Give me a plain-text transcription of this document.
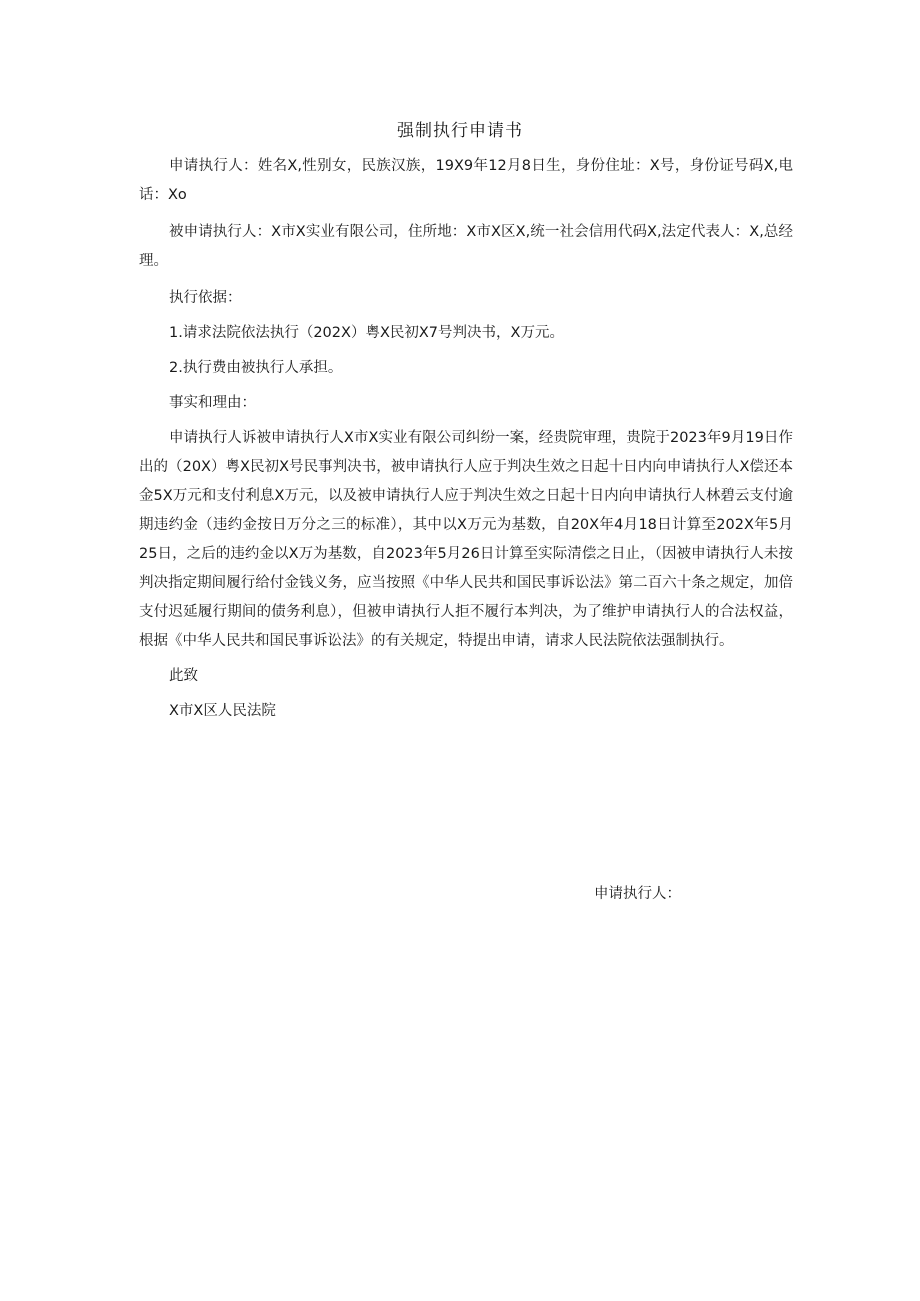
强制执行申请书

申请执行人：姓名X,性别女，民族汉族，19X9年12月8日生，身份住址：X号，身份证号码X,电话：Xo

被申请执行人：X市X实业有限公司，住所地：X市X区X,统一社会信用代码X,法定代表人：X,总经理。

执行依据：

1.请求法院依法执行（202X）粤X民初X7号判决书，X万元。

2.执行费由被执行人承担。

事实和理由：

申请执行人诉被申请执行人X市X实业有限公司纠纷一案，经贵院审理，贵院于2023年9月19日作出的（20X）粤X民初X号民事判决书，被申请执行人应于判决生效之日起十日内向申请执行人X偿还本金5X万元和支付利息X万元，以及被申请执行人应于判决生效之日起十日内向申请执行人林碧云支付逾期违约金（违约金按日万分之三的标准），其中以X万元为基数，自20X年4月18日计算至202X年5月25日，之后的违约金以X万为基数，自2023年5月26日计算至实际清偿之日止，（因被申请执行人未按判决指定期间履行给付金钱义务，应当按照《中华人民共和国民事诉讼法》第二百六十条之规定，加倍支付迟延履行期间的债务利息），但被申请执行人拒不履行本判决，为了维护申请执行人的合法权益，根据《中华人民共和国民事诉讼法》的有关规定，特提出申请，请求人民法院依法强制执行。

此致

X市X区人民法院

申请执行人：
